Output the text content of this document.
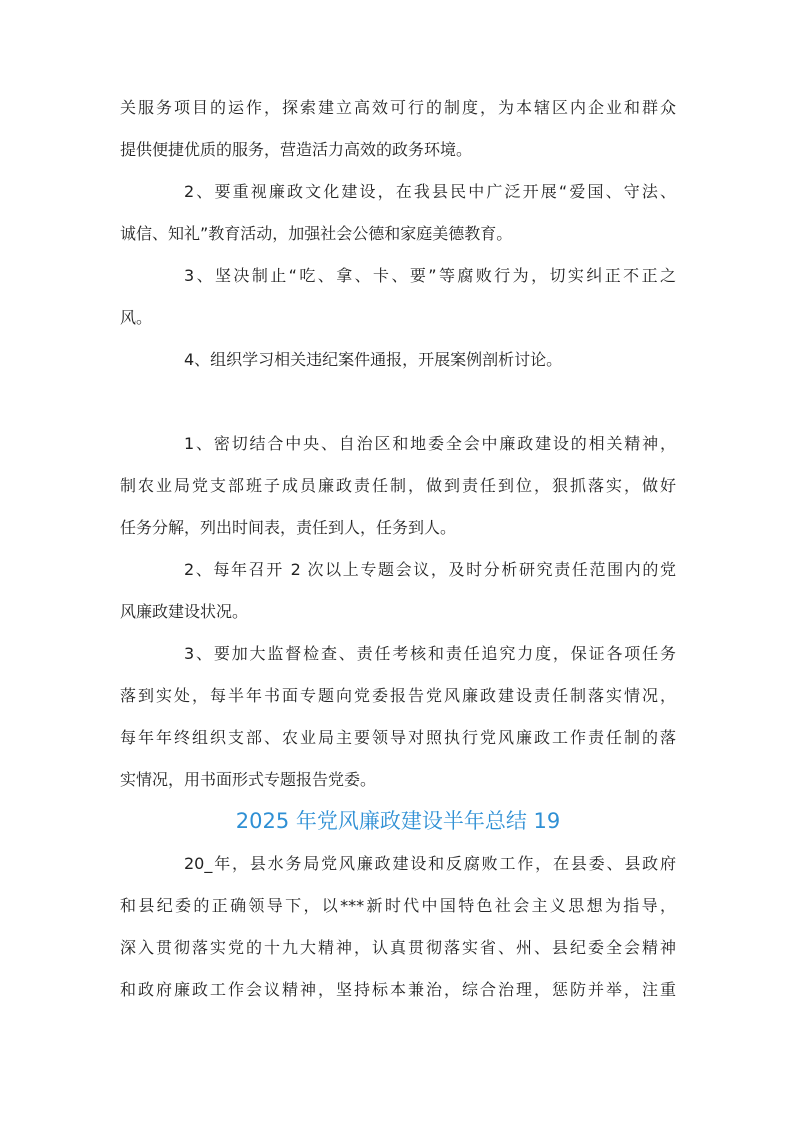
关服务项目的运作，探索建立高效可行的制度，为本辖区内企业和群众
提供便捷优质的服务，营造活力高效的政务环境。
2、要重视廉政文化建设，在我县民中广泛开展“爱国、守法、
诚信、知礼”教育活动，加强社会公德和家庭美德教育。
3、坚决制止“吃、拿、卡、要”等腐败行为，切实纠正不正之
风。
4、组织学习相关违纪案件通报，开展案例剖析讨论。
1、密切结合中央、自治区和地委全会中廉政建设的相关精神，
制农业局党支部班子成员廉政责任制，做到责任到位，狠抓落实，做好
任务分解，列出时间表，责任到人，任务到人。
2、每年召开 2 次以上专题会议，及时分析研究责任范围内的党
风廉政建设状况。
3、要加大监督检查、责任考核和责任追究力度，保证各项任务
落到实处，每半年书面专题向党委报告党风廉政建设责任制落实情况，
每年年终组织支部、农业局主要领导对照执行党风廉政工作责任制的落
实情况，用书面形式专题报告党委。
2025 年党风廉政建设半年总结 19
20_年，县水务局党风廉政建设和反腐败工作，在县委、县政府
和县纪委的正确领导下，以***新时代中国特色社会主义思想为指导，
深入贯彻落实党的十九大精神，认真贯彻落实省、州、县纪委全会精神
和政府廉政工作会议精神，坚持标本兼治，综合治理，惩防并举，注重
